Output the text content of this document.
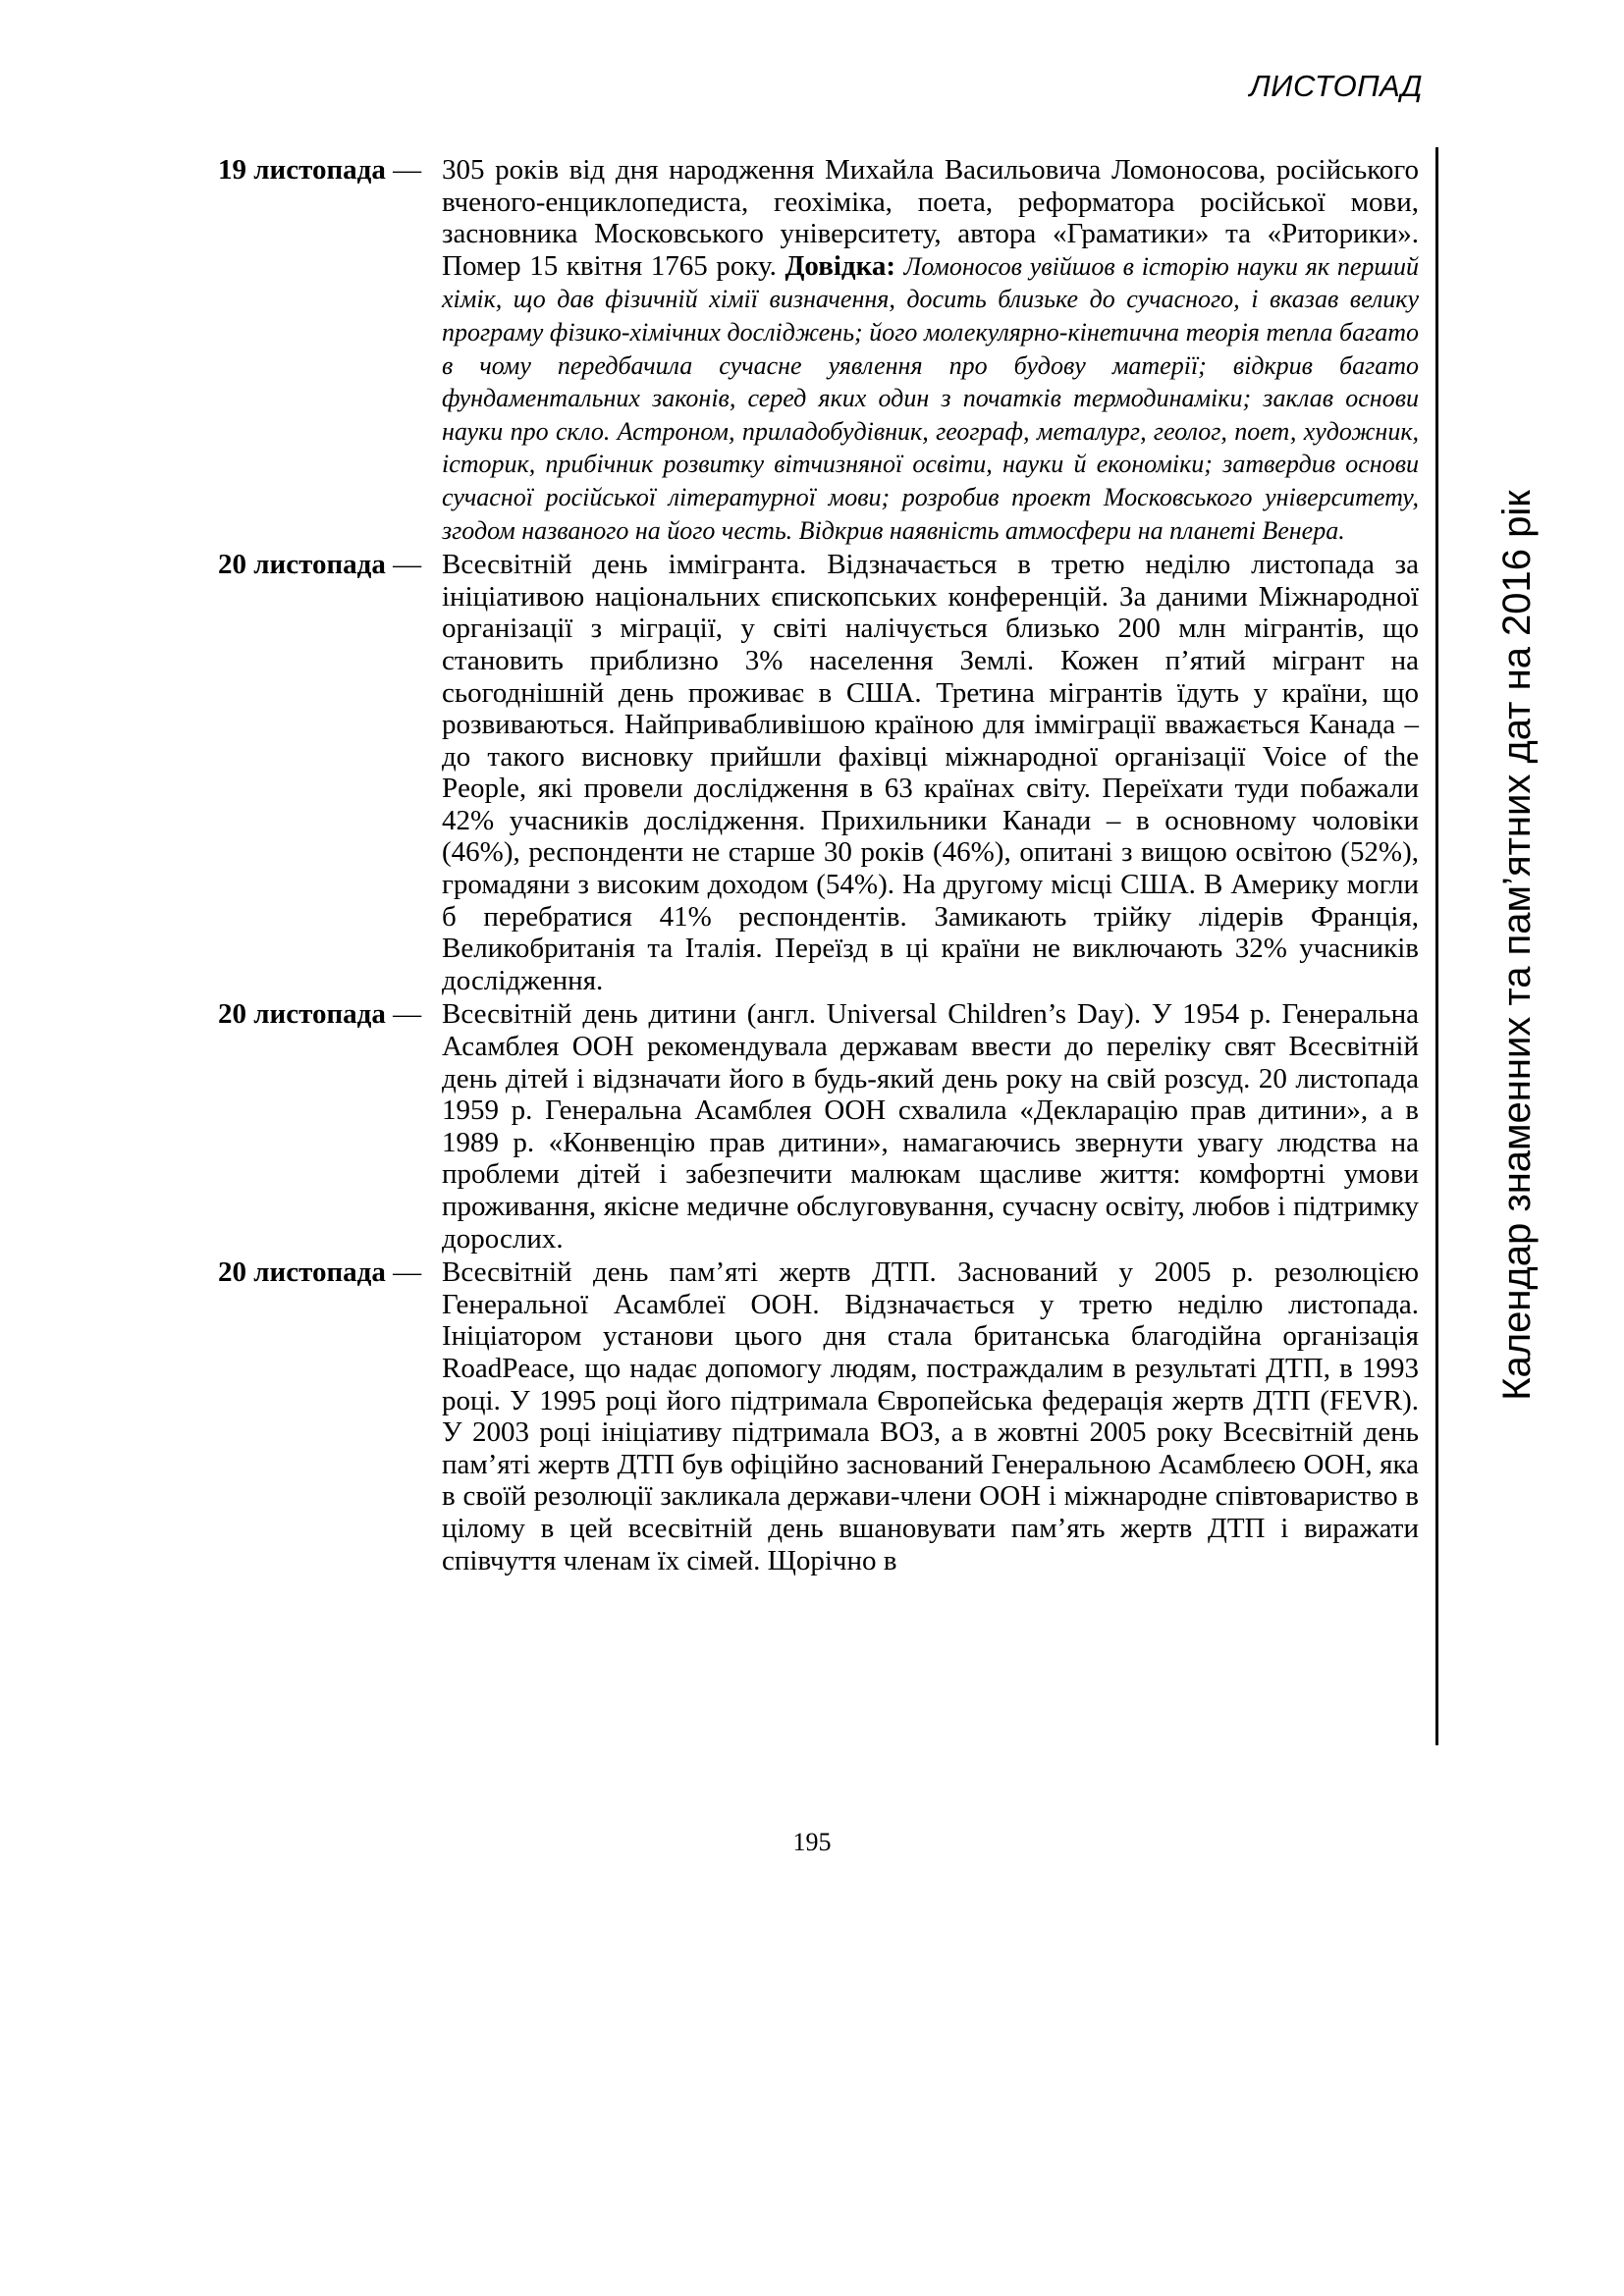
ЛИСТОПАД
Календар знаменних та пам’ятних дат на 2016 рік
19 листопада — 305 років від дня народження Михайла Васильовича Ломоносова, російського вченого-енциклопедиста, геохіміка, поета, реформатора російської мови, засновника Московського університету, автора «Граматики» та «Риторики». Помер 15 квітня 1765 року. Довідка: Ломоносов увійшов в історію науки як перший хімік, що дав фізичній хімії визначення, досить близьке до сучасного, і вказав велику програму фізико-хімічних досліджень; його молекулярно-кінетична теорія тепла багато в чому передбачила сучасне уявлення про будову матерії; відкрив багато фундаментальних законів, серед яких один з початків термодинаміки; заклав основи науки про скло. Астроном, приладобудівник, географ, металург, геолог, поет, художник, історик, прибічник розвитку вітчизняної освіти, науки й економіки; затвердив основи сучасної російської літературної мови; розробив проект Московського університету, згодом названого на його честь. Відкрив наявність атмосфери на планеті Венера.
20 листопада — Всесвітній день іммігранта. Відзначається в третю неділю листопада за ініціативою національних єпископських конференцій. За даними Міжнародної організації з міграції, у світі налічується близько 200 млн мігрантів, що становить приблизно 3% населення Землі. Кожен п’ятий мігрант на сьогоднішній день проживає в США. Третина мігрантів їдуть у країни, що розвиваються. Найпривабливішою країною для імміграції вважається Канада – до такого висновку прийшли фахівці міжнародної організації Voice of the People, які провели дослідження в 63 країнах світу. Переїхати туди побажали 42% учасників дослідження. Прихильники Канади – в основному чоловіки (46%), респонденти не старше 30 років (46%), опитані з вищою освітою (52%), громадяни з високим доходом (54%). На другому місці США. В Америку могли б перебратися 41% респондентів. Замикають трійку лідерів Франція, Великобританія та Італія. Переїзд в ці країни не виключають 32% учасників дослідження.
20 листопада — Всесвітній день дитини (англ. Universal Children’s Day). У 1954 р. Генеральна Асамблея ООН рекомендувала державам ввести до переліку свят Всесвітній день дітей і відзначати його в будь-який день року на свій розсуд. 20 листопада 1959 р. Генеральна Асамблея ООН схвалила «Декларацію прав дитини», а в 1989 р. «Конвенцію прав дитини», намагаючись звернути увагу людства на проблеми дітей і забезпечити малюкам щасливе життя: комфортні умови проживання, якісне медичне обслуговування, сучасну освіту, любов і підтримку дорослих.
20 листопада — Всесвітній день пам’яті жертв ДТП. Заснований у 2005 р. резолюцією Генеральної Асамблеї ООН. Відзначається у третю неділю листопада. Ініціатором установи цього дня стала британська благодійна організація RoadPeace, що надає допомогу людям, постраждалим в результаті ДТП, в 1993 році. У 1995 році його підтримала Європейська федерація жертв ДТП (FEVR). У 2003 році ініціативу підтримала ВОЗ, а в жовтні 2005 року Всесвітній день пам’яті жертв ДТП був офіційно заснований Генеральною Асамблеєю ООН, яка в своїй резолюції закликала держави-члени ООН і міжнародне співтовариство в цілому в цей всесвітній день вшановувати пам’ять жертв ДТП і виражати співчуття членам їх сімей. Щорічно в
195
